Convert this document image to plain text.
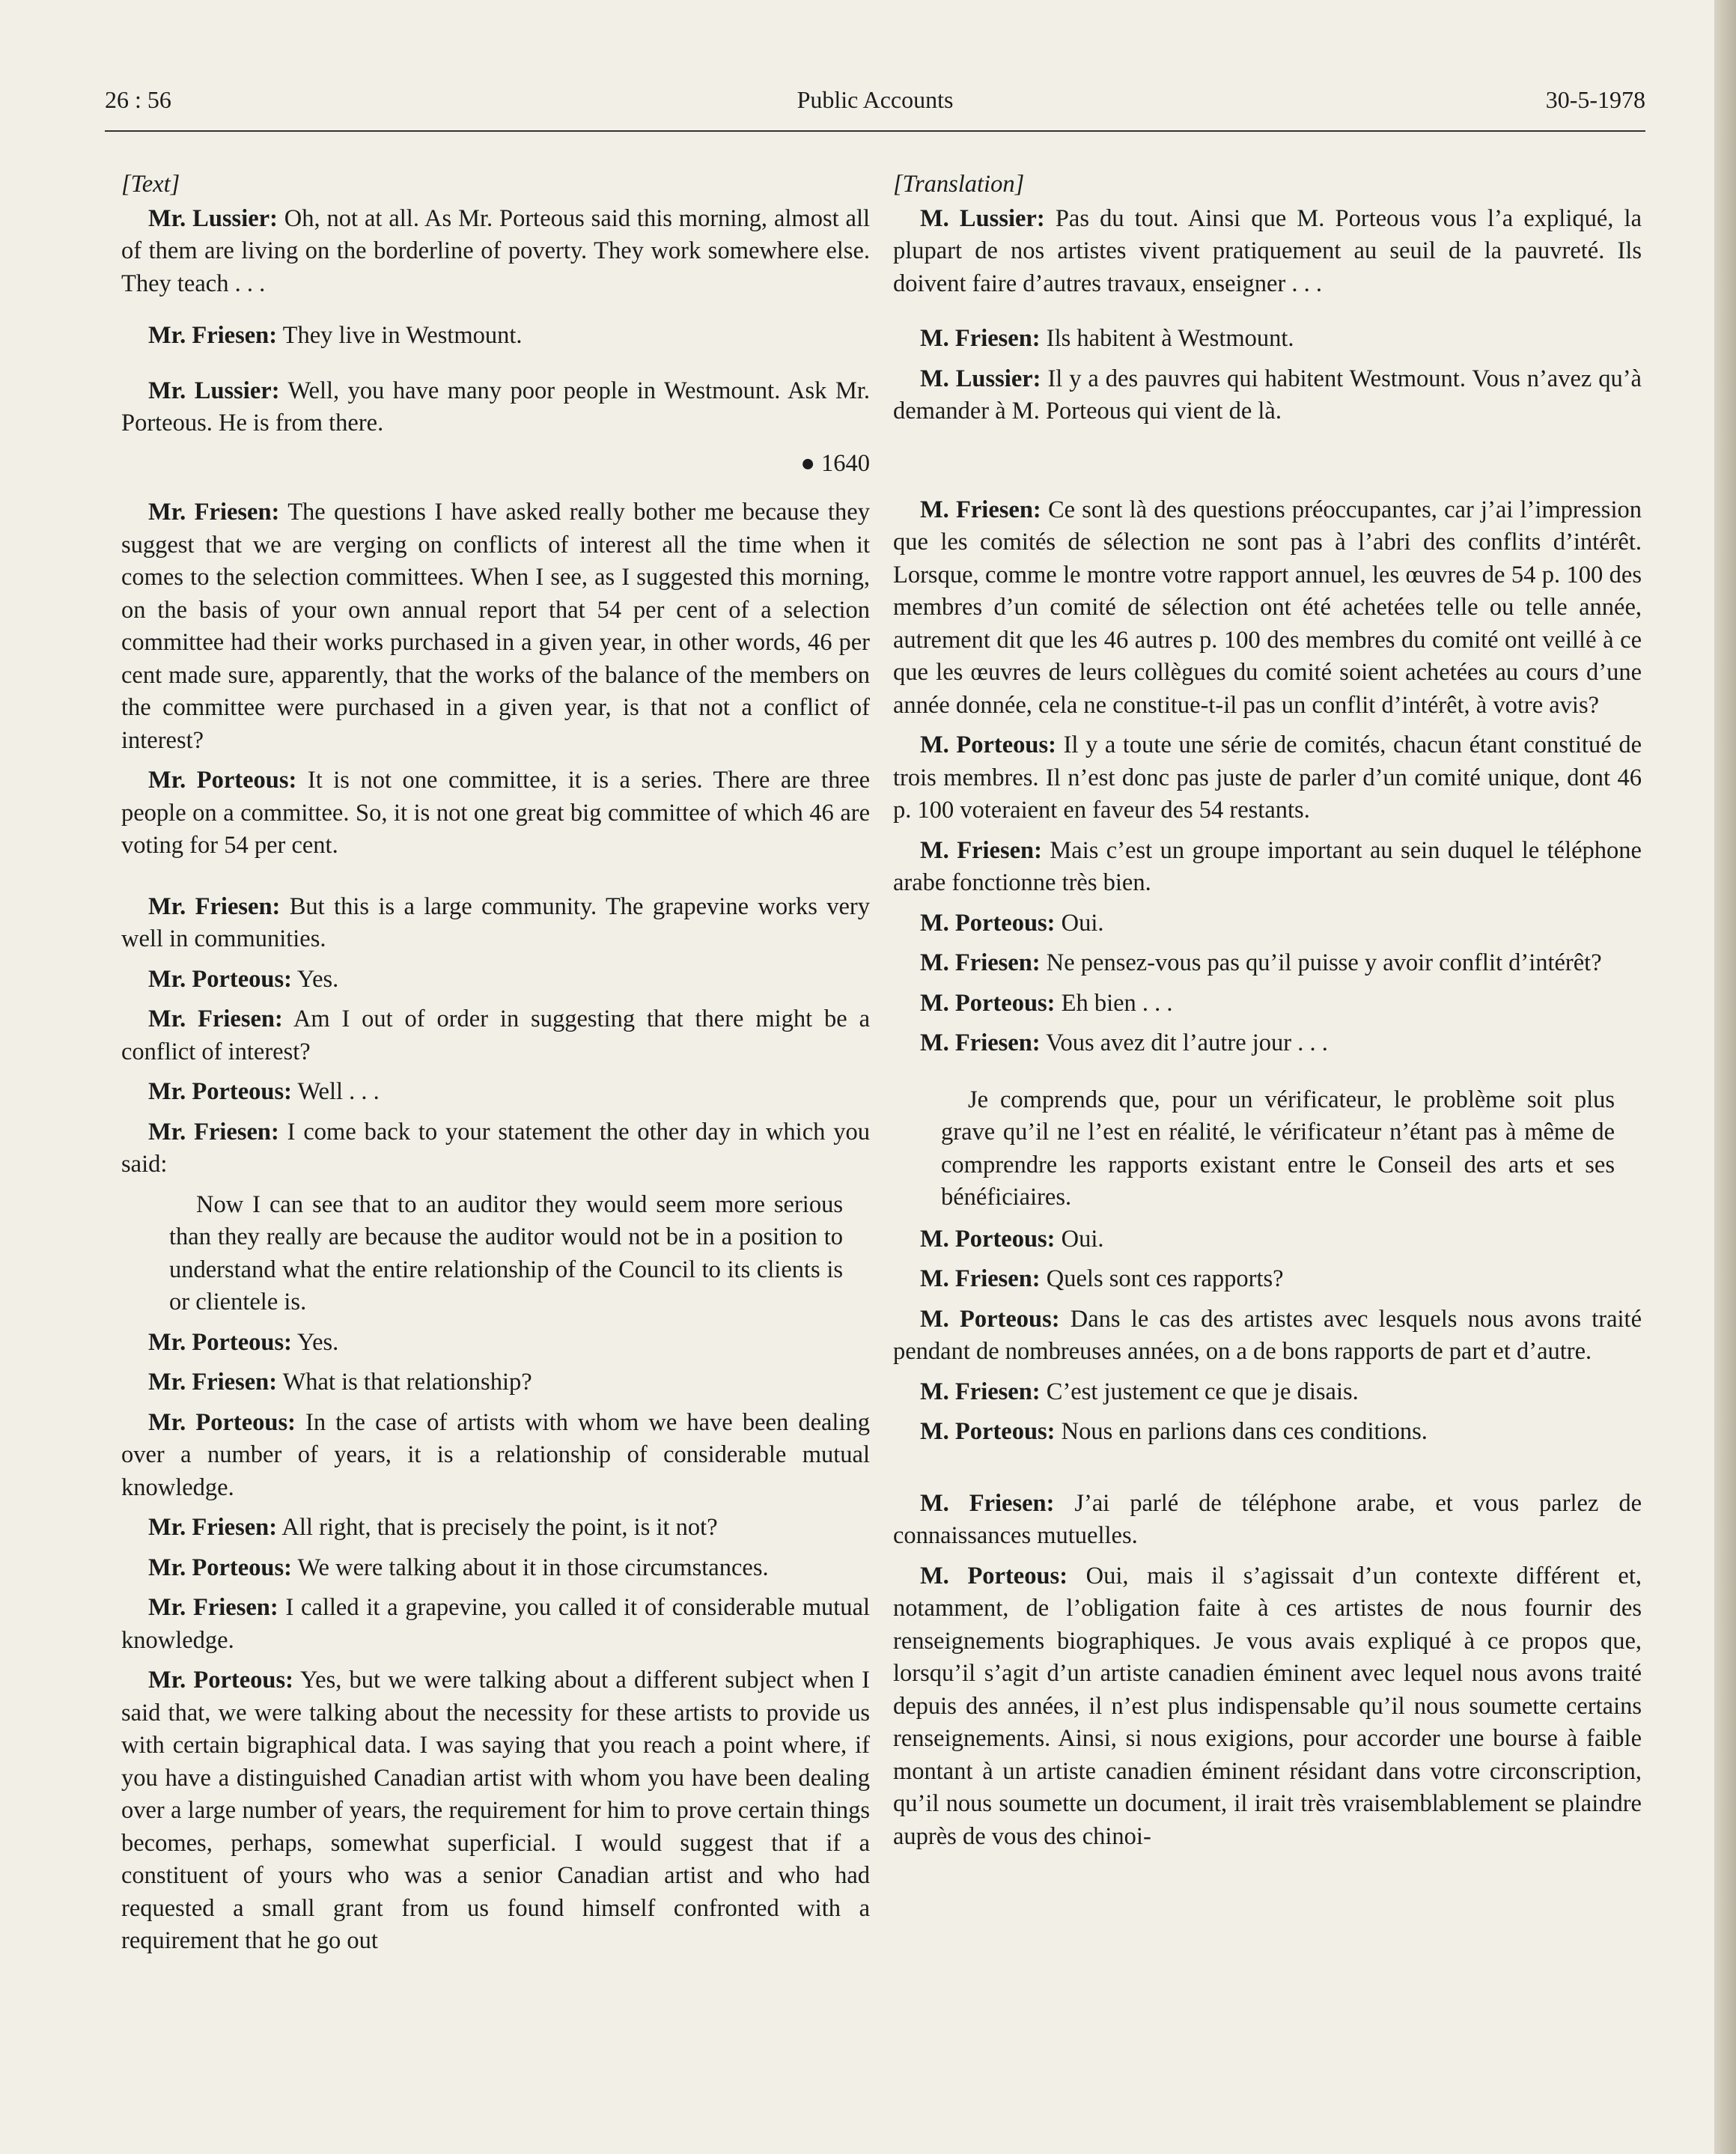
26 : 56	Public Accounts	30-5-1978

[Text]

Mr. Lussier: Oh, not at all. As Mr. Porteous said this morning, almost all of them are living on the borderline of poverty. They work somewhere else. They teach . . .

Mr. Friesen: They live in Westmount.

Mr. Lussier: Well, you have many poor people in Westmount. Ask Mr. Porteous. He is from there.

● 1640

Mr. Friesen: The questions I have asked really bother me because they suggest that we are verging on conflicts of interest all the time when it comes to the selection committees. When I see, as I suggested this morning, on the basis of your own annual report that 54 per cent of a selection committee had their works purchased in a given year, in other words, 46 per cent made sure, apparently, that the works of the balance of the members on the committee were purchased in a given year, is that not a conflict of interest?

Mr. Porteous: It is not one committee, it is a series. There are three people on a committee. So, it is not one great big committee of which 46 are voting for 54 per cent.

Mr. Friesen: But this is a large community. The grapevine works very well in communities.

Mr. Porteous: Yes.

Mr. Friesen: Am I out of order in suggesting that there might be a conflict of interest?

Mr. Porteous: Well . . .

Mr. Friesen: I come back to your statement the other day in which you said:

Now I can see that to an auditor they would seem more serious than they really are because the auditor would not be in a position to understand what the entire relationship of the Council to its clients is or clientele is.

Mr. Porteous: Yes.

Mr. Friesen: What is that relationship?

Mr. Porteous: In the case of artists with whom we have been dealing over a number of years, it is a relationship of considerable mutual knowledge.

Mr. Friesen: All right, that is precisely the point, is it not?

Mr. Porteous: We were talking about it in those circumstances.

Mr. Friesen: I called it a grapevine, you called it of considerable mutual knowledge.

Mr. Porteous: Yes, but we were talking about a different subject when I said that, we were talking about the necessity for these artists to provide us with certain bigraphical data. I was saying that you reach a point where, if you have a distinguished Canadian artist with whom you have been dealing over a large number of years, the requirement for him to prove certain things becomes, perhaps, somewhat superficial. I would suggest that if a constituent of yours who was a senior Canadian artist and who had requested a small grant from us found himself confronted with a requirement that he go out

[Translation]

M. Lussier: Pas du tout. Ainsi que M. Porteous vous l’a expliqué, la plupart de nos artistes vivent pratiquement au seuil de la pauvreté. Ils doivent faire d’autres travaux, enseigner . . .

M. Friesen: Ils habitent à Westmount.

M. Lussier: Il y a des pauvres qui habitent Westmount. Vous n’avez qu’à demander à M. Porteous qui vient de là.

M. Friesen: Ce sont là des questions préoccupantes, car j’ai l’impression que les comités de sélection ne sont pas à l’abri des conflits d’intérêt. Lorsque, comme le montre votre rapport annuel, les œuvres de 54 p. 100 des membres d’un comité de sélection ont été achetées telle ou telle année, autrement dit que les 46 autres p. 100 des membres du comité ont veillé à ce que les œuvres de leurs collègues du comité soient achetées au cours d’une année donnée, cela ne constitue-t-il pas un conflit d’intérêt, à votre avis?

M. Porteous: Il y a toute une série de comités, chacun étant constitué de trois membres. Il n’est donc pas juste de parler d’un comité unique, dont 46 p. 100 voteraient en faveur des 54 restants.

M. Friesen: Mais c’est un groupe important au sein duquel le téléphone arabe fonctionne très bien.

M. Porteous: Oui.

M. Friesen: Ne pensez-vous pas qu’il puisse y avoir conflit d’intérêt?

M. Porteous: Eh bien . . .

M. Friesen: Vous avez dit l’autre jour . . .

Je comprends que, pour un vérificateur, le problème soit plus grave qu’il ne l’est en réalité, le vérificateur n’étant pas à même de comprendre les rapports existant entre le Conseil des arts et ses bénéficiaires.

M. Porteous: Oui.

M. Friesen: Quels sont ces rapports?

M. Porteous: Dans le cas des artistes avec lesquels nous avons traité pendant de nombreuses années, on a de bons rapports de part et d’autre.

M. Friesen: C’est justement ce que je disais.

M. Porteous: Nous en parlions dans ces conditions.

M. Friesen: J’ai parlé de téléphone arabe, et vous parlez de connaissances mutuelles.

M. Porteous: Oui, mais il s’agissait d’un contexte différent et, notamment, de l’obligation faite à ces artistes de nous fournir des renseignements biographiques. Je vous avais expliqué à ce propos que, lorsqu’il s’agit d’un artiste canadien éminent avec lequel nous avons traité depuis des années, il n’est plus indispensable qu’il nous soumette certains renseignements. Ainsi, si nous exigions, pour accorder une bourse à faible montant à un artiste canadien éminent résidant dans votre circonscription, qu’il nous soumette un document, il irait très vraisemblablement se plaindre auprès de vous des chinoi-
